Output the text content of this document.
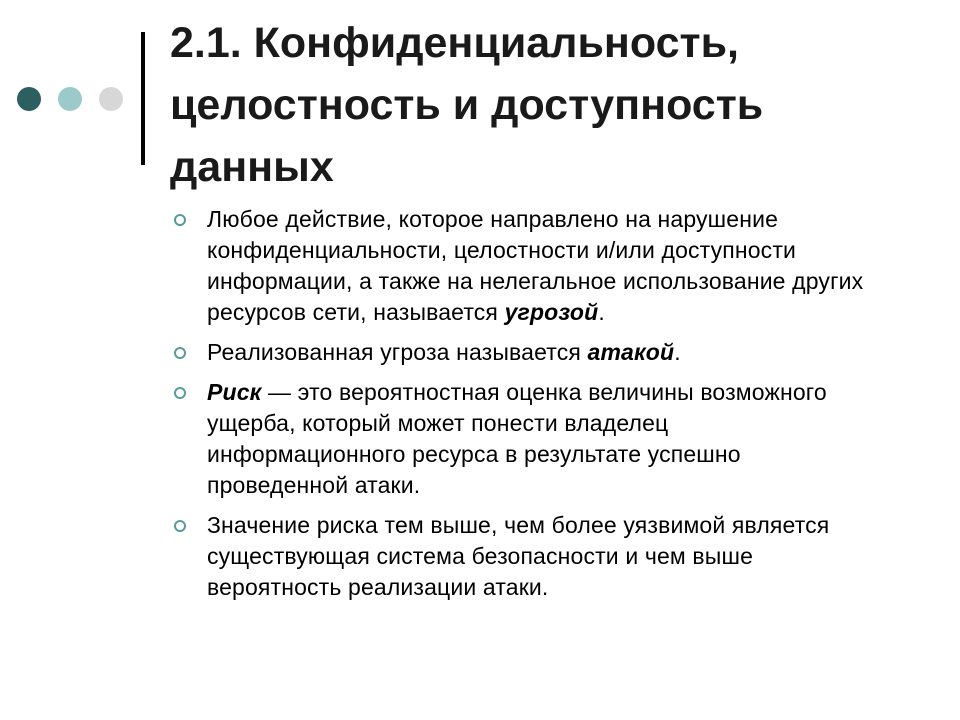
2.1. Конфиденциальность, целостность и доступность данных
Любое действие, которое направлено на нарушение конфиденциальности, целостности и/или доступности информации, а также на нелегальное использование других ресурсов сети, называется угрозой.
Реализованная угроза называется атакой.
Риск — это вероятностная оценка величины возможного ущерба, который может понести владелец информационного ресурса в результате успешно проведенной атаки.
Значение риска тем выше, чем более уязвимой является существующая система безопасности и чем выше вероятность реализации атаки.
